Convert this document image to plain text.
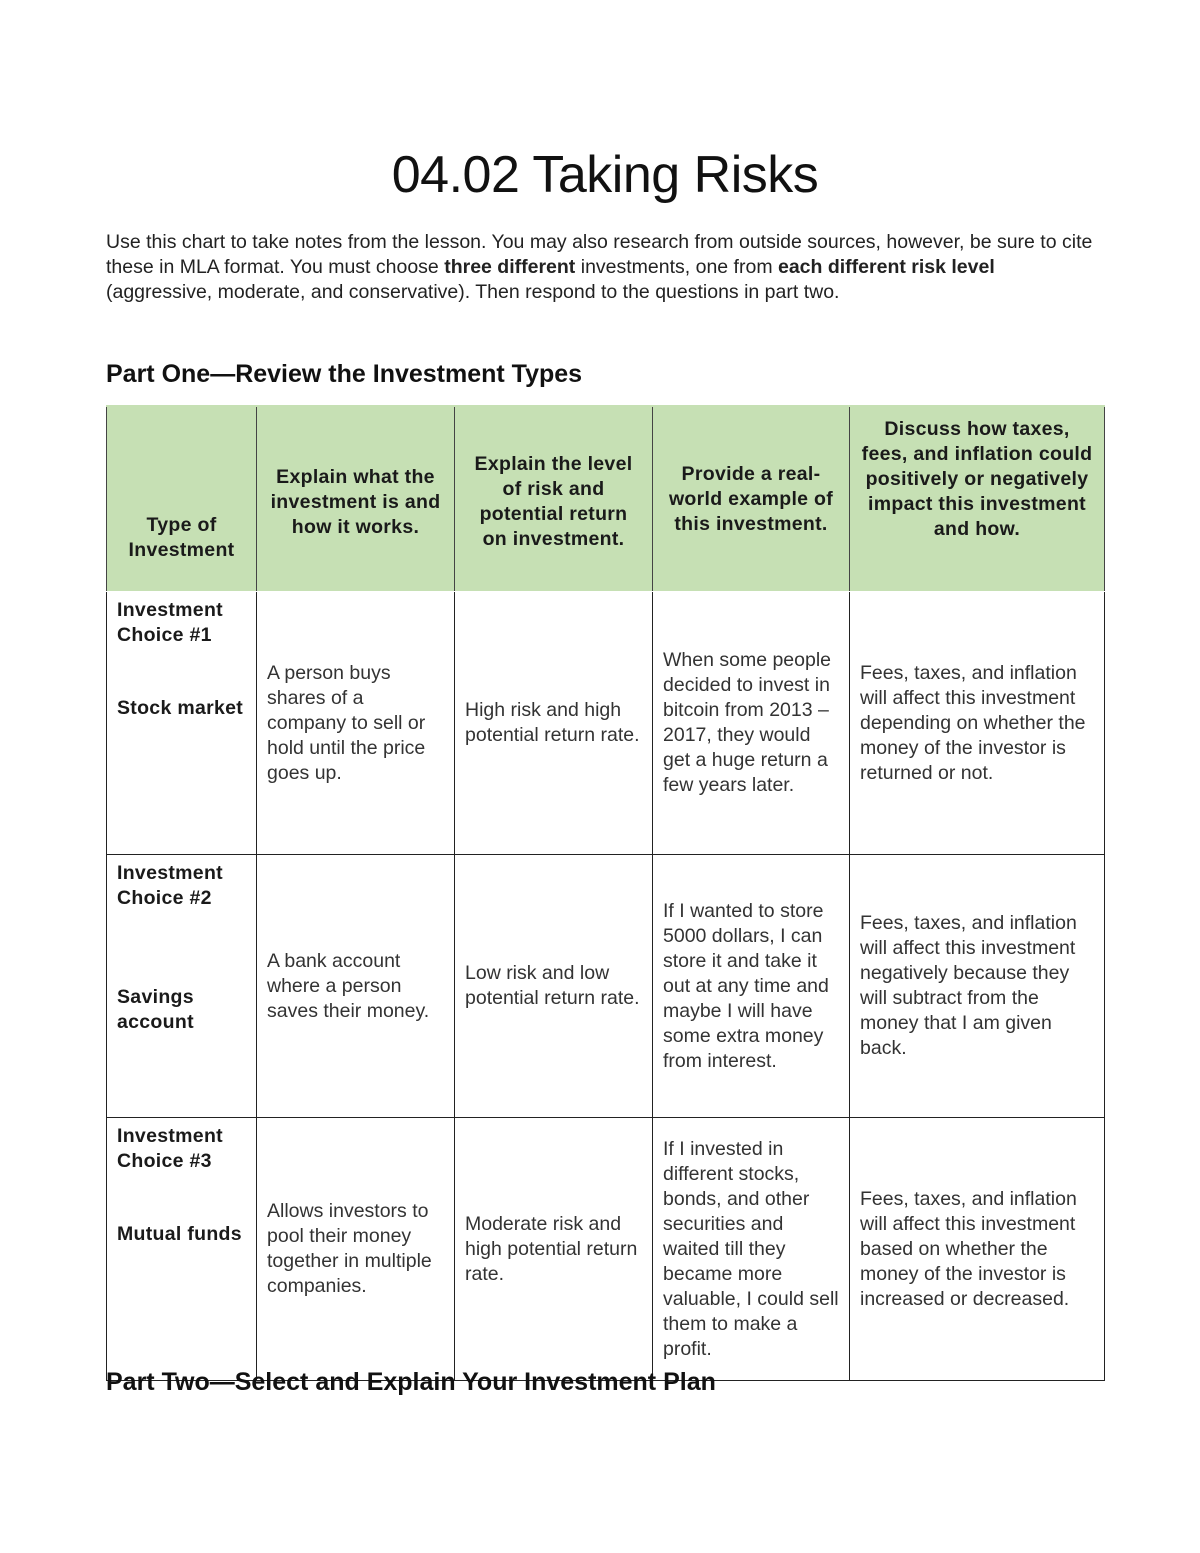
04.02 Taking Risks

Use this chart to take notes from the lesson. You may also research from outside sources, however, be sure to cite these in MLA format. You must choose three different investments, one from each different risk level (aggressive, moderate, and conservative). Then respond to the questions in part two.

Part One—Review the Investment Types
Type of Investment	Explain what the investment is and how it works.	Explain the level of risk and potential return on investment.	Provide a real-world example of this investment.	Discuss how taxes, fees, and inflation could positively or negatively impact this investment and how.

Investment Choice #1
Stock market	A person buys shares of a company to sell or hold until the price goes up.	High risk and high potential return rate.	When some people decided to invest in bitcoin from 2013 – 2017, they would get a huge return a few years later.	Fees, taxes, and inflation will affect this investment depending on whether the money of the investor is returned or not.

Investment Choice #2
Savings account	A bank account where a person saves their money.	Low risk and low potential return rate.	If I wanted to store 5000 dollars, I can store it and take it out at any time and maybe I will have some extra money from interest.	Fees, taxes, and inflation will affect this investment negatively because they will subtract from the money that I am given back.

Investment Choice #3
Mutual funds	Allows investors to pool their money together in multiple companies.	Moderate risk and high potential return rate.	If I invested in different stocks, bonds, and other securities and waited till they became more valuable, I could sell them to make a profit.	Fees, taxes, and inflation will affect this investment based on whether the money of the investor is increased or decreased.
Part Two—Select and Explain Your Investment Plan
